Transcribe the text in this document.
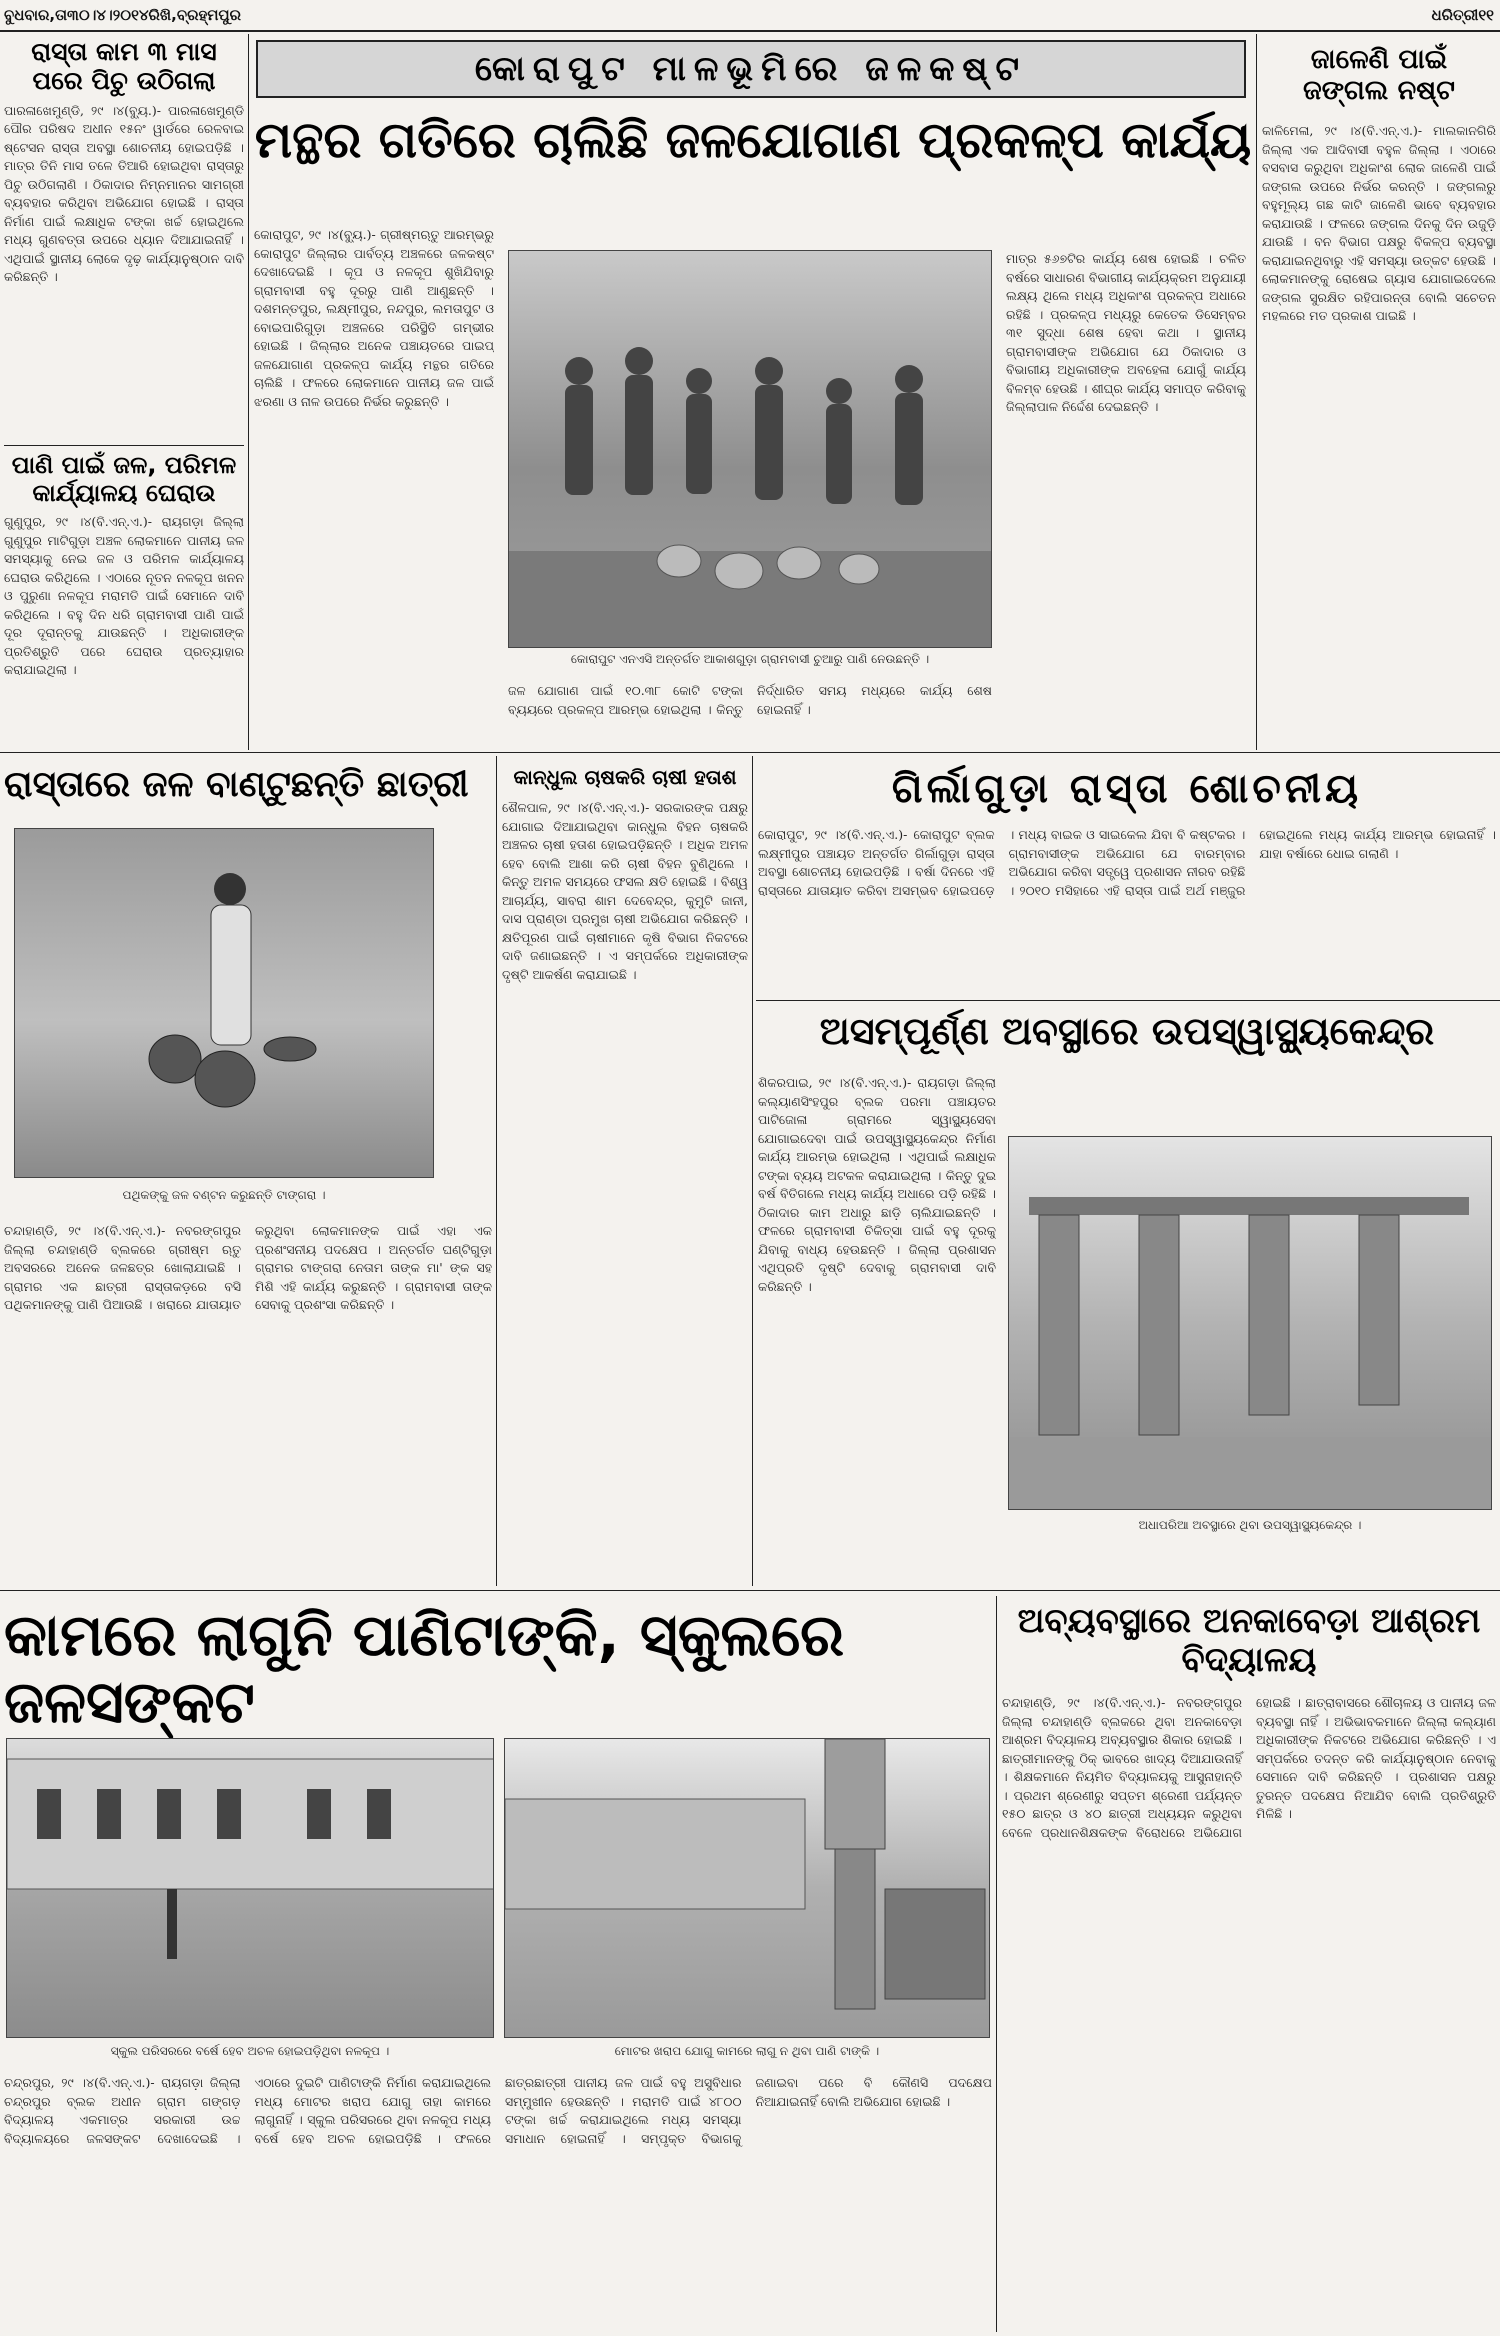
ବୁଧବାର,ତା୩୦।୪।୨୦୧୪ରିଖି,ବ୍ରହ୍ମପୁର	ଧରିତ୍ରୀ୧୧
ରାସ୍ତା କାମ ୩ ମାସ ପରେ ପିଚୁ ଉଠିଗଲା
ପାରଳାଖେମୁଣ୍ଡି, ୨୯ ।୪(ବ୍ୟୁ.)- ପାରଳାଖେମୁଣ୍ଡି ପୌର ପରିଷଦ ଅଧୀନ ୧୫ନଂ ୱାର୍ଡରେ ରେଳବାଇ ଷ୍ଟେସନ ରାସ୍ତା ଅବସ୍ଥା ଶୋଚନୀୟ ହୋଇପଡ଼ିଛି । ମାତ୍ର ତିନି ମାସ ତଳେ ତିଆରି ହୋଇଥିବା ରାସ୍ତାରୁ ପିଚୁ ଉଠିଗଲାଣି । ଠିକାଦାର ନିମ୍ନମାନର ସାମଗ୍ରୀ ବ୍ୟବହାର କରିଥିବା ଅଭିଯୋଗ ହୋଇଛି । ରାସ୍ତା ନିର୍ମାଣ ପାଇଁ ଲକ୍ଷାଧିକ ଟଙ୍କା ଖର୍ଚ୍ଚ ହୋଇଥିଲେ ମଧ୍ୟ ଗୁଣବତ୍ତା ଉପରେ ଧ୍ୟାନ ଦିଆଯାଇନାହିଁ । ଏଥିପାଇଁ ସ୍ଥାନୀୟ ଲୋକେ ଦୃଢ଼ କାର୍ଯ୍ୟାନୁଷ୍ଠାନ ଦାବି କରିଛନ୍ତି ।
ପାଣି ପାଇଁ ଜଳ, ପରିମଳ କାର୍ଯ୍ୟାଳୟ ଘେରାଉ
ଗୁଣୁପୁର, ୨୯ ।୪(ବି.ଏନ୍.ଏ.)- ରାୟଗଡ଼ା ଜିଲ୍ଲା ଗୁଣୁପୁର ମାଟିଗୁଡ଼ା ଅଞ୍ଚଳ ଲୋକମାନେ ପାନୀୟ ଜଳ ସମସ୍ୟାକୁ ନେଇ ଜଳ ଓ ପରିମଳ କାର୍ଯ୍ୟାଳୟ ଘେରାଉ କରିଥିଲେ । ଏଠାରେ ନୂତନ ନଳକୂପ ଖନନ ଓ ପୁରୁଣା ନଳକୂପ ମରାମତି ପାଇଁ ସେମାନେ ଦାବି କରିଥିଲେ । ବହୁ ଦିନ ଧରି ଗ୍ରାମବାସୀ ପାଣି ପାଇଁ ଦୂର ଦୂରାନ୍ତକୁ ଯାଉଛନ୍ତି । ଅଧିକାରୀଙ୍କ ପ୍ରତିଶ୍ରୁତି ପରେ ଘେରାଉ ପ୍ରତ୍ୟାହାର କରାଯାଇଥିଲା ।
କୋରାପୁଟ ମାଳଭୂମିରେ ଜଳକଷ୍ଟ
ମନ୍ଥର ଗତିରେ ଚାଲିଛି ଜଳଯୋଗାଣ ପ୍ରକଳ୍ପ କାର୍ଯ୍ୟ
କୋରାପୁଟ, ୨୯ ।୪(ବ୍ୟୁ.)- ଗ୍ରୀଷ୍ମଋତୁ ଆରମ୍ଭରୁ କୋରାପୁଟ ଜିଲ୍ଲାର ପାର୍ବତ୍ୟ ଅଞ୍ଚଳରେ ଜଳକଷ୍ଟ ଦେଖାଦେଇଛି । କୂପ ଓ ନଳକୂପ ଶୁଖିଯିବାରୁ ଗ୍ରାମବାସୀ ବହୁ ଦୂରରୁ ପାଣି ଆଣୁଛନ୍ତି । ଦଶମନ୍ତପୁର, ଲକ୍ଷ୍ମୀପୁର, ନନ୍ଦପୁର, ଲମତାପୁଟ ଓ ବୋଇପାରିଗୁଡ଼ା ଅଞ୍ଚଳରେ ପରିସ୍ଥିତି ଗମ୍ଭୀର ହୋଇଛି । ଜିଲ୍ଲାର ଅନେକ ପଞ୍ଚାୟତରେ ପାଇପ୍ ଜଳଯୋଗାଣ ପ୍ରକଳ୍ପ କାର୍ଯ୍ୟ ମନ୍ଥର ଗତିରେ ଚାଲିଛି । ଫଳରେ ଲୋକମାନେ ପାନୀୟ ଜଳ ପାଇଁ ଝରଣା ଓ ନାଳ ଉପରେ ନିର୍ଭର କରୁଛନ୍ତି ।
କୋରାପୁଟ ଏନଏସି ଅନ୍ତର୍ଗତ ଆକାଶଗୁଡ଼ା ଗ୍ରାମବାସୀ ଚୁଆରୁ ପାଣି ନେଉଛନ୍ତି ।
ଜଳ ଯୋଗାଣ ପାଇଁ ୧୦.୩୮ କୋଟି ଟଙ୍କା ବ୍ୟୟରେ ପ୍ରକଳ୍ପ ଆରମ୍ଭ ହୋଇଥିଲା । କିନ୍ତୁ ନିର୍ଦ୍ଧାରିତ ସମୟ ମଧ୍ୟରେ କାର୍ଯ୍ୟ ଶେଷ ହୋଇନାହିଁ ।
ମାତ୍ର ୫୬୭ଟିର କାର୍ଯ୍ୟ ଶେଷ ହୋଇଛି । ଚଳିତ ବର୍ଷରେ ସାଧାରଣ ବିଭାଗୀୟ କାର୍ଯ୍ୟକ୍ରମ ଅନୁଯାୟୀ ଲକ୍ଷ୍ୟ ଥିଲେ ମଧ୍ୟ ଅଧିକାଂଶ ପ୍ରକଳ୍ପ ଅଧାରେ ରହିଛି । ପ୍ରକଳ୍ପ ମଧ୍ୟରୁ କେତେକ ଡିସେମ୍ବର ୩୧ ସୁଦ୍ଧା ଶେଷ ହେବା କଥା । ସ୍ଥାନୀୟ ଗ୍ରାମବାସୀଙ୍କ ଅଭିଯୋଗ ଯେ ଠିକାଦାର ଓ ବିଭାଗୀୟ ଅଧିକାରୀଙ୍କ ଅବହେଳା ଯୋଗୁଁ କାର୍ଯ୍ୟ ବିଳମ୍ବ ହେଉଛି । ଶୀଘ୍ର କାର୍ଯ୍ୟ ସମାପ୍ତ କରିବାକୁ ଜିଲ୍ଲାପାଳ ନିର୍ଦ୍ଦେଶ ଦେଇଛନ୍ତି ।
ଜାଳେଣି ପାଇଁ ଜଙ୍ଗଲ ନଷ୍ଟ
କାଳିମେଳା, ୨୯ ।୪(ବି.ଏନ୍.ଏ.)- ମାଲକାନଗିରି ଜିଲ୍ଲା ଏକ ଆଦିବାସୀ ବହୁଳ ଜିଲ୍ଲା । ଏଠାରେ ବସବାସ କରୁଥିବା ଅଧିକାଂଶ ଲୋକ ଜାଳେଣି ପାଇଁ ଜଙ୍ଗଲ ଉପରେ ନିର୍ଭର କରନ୍ତି । ଜଙ୍ଗଲରୁ ବହୁମୂଲ୍ୟ ଗଛ କାଟି ଜାଳେଣି ଭାବେ ବ୍ୟବହାର କରାଯାଉଛି । ଫଳରେ ଜଙ୍ଗଲ ଦିନକୁ ଦିନ ଉଜୁଡ଼ି ଯାଉଛି । ବନ ବିଭାଗ ପକ୍ଷରୁ ବିକଳ୍ପ ବ୍ୟବସ୍ଥା କରାଯାଇନଥିବାରୁ ଏହି ସମସ୍ୟା ଉତ୍କଟ ହେଉଛି । ଲୋକମାନଙ୍କୁ ରୋଷେଇ ଗ୍ୟାସ ଯୋଗାଇଦେଲେ ଜଙ୍ଗଲ ସୁରକ୍ଷିତ ରହିପାରନ୍ତା ବୋଲି ସଚେତନ ମହଲରେ ମତ ପ୍ରକାଶ ପାଇଛି ।
ରାସ୍ତାରେ ଜଳ ବାଣ୍ଟୁଛନ୍ତି ଛାତ୍ରୀ
ପଥିକଙ୍କୁ ଜଳ ବଣ୍ଟନ କରୁଛନ୍ତି ଟାଙ୍ଗରା ।
ଚନ୍ଦାହାଣ୍ଡି, ୨୯ ।୪(ବି.ଏନ୍.ଏ.)- ନବରଙ୍ଗପୁର ଜିଲ୍ଲା ଚନ୍ଦାହାଣ୍ଡି ବ୍ଲକରେ ଗ୍ରୀଷ୍ମ ଋତୁ ଅବସରରେ ଅନେକ ଜଳଛତ୍ର ଖୋଲାଯାଇଛି । ଗ୍ରାମର ଏକ ଛାତ୍ରୀ ରାସ୍ତାକଡ଼ରେ ବସି ପଥିକମାନଙ୍କୁ ପାଣି ପିଆଉଛି । ଖରାରେ ଯାତାୟାତ କରୁଥିବା ଲୋକମାନଙ୍କ ପାଇଁ ଏହା ଏକ ପ୍ରଶଂସନୀୟ ପଦକ୍ଷେପ । ଅନ୍ତର୍ଗତ ଘଣ୍ଟିଗୁଡ଼ା ଗ୍ରାମର ଟାଙ୍ଗରା ନେତାମ ତାଙ୍କ ମା' ଙ୍କ ସହ ମିଶି ଏହି କାର୍ଯ୍ୟ କରୁଛନ୍ତି । ଗ୍ରାମବାସୀ ତାଙ୍କ ସେବାକୁ ପ୍ରଶଂସା କରିଛନ୍ତି ।
କାନ୍ଧୁଲ ଚାଷକରି ଚାଷୀ ହତାଶ
ଶୈଳପାଳ, ୨୯ ।୪(ବି.ଏନ୍.ଏ.)- ସରକାରଙ୍କ ପକ୍ଷରୁ ଯୋଗାଇ ଦିଆଯାଇଥିବା କାନ୍ଧୁଲ ବିହନ ଚାଷକରି ଅଞ୍ଚଳର ଚାଷୀ ହତାଶ ହୋଇପଡ଼ିଛନ୍ତି । ଅଧିକ ଅମଳ ହେବ ବୋଲି ଆଶା କରି ଚାଷୀ ବିହନ ବୁଣିଥିଲେ । କିନ୍ତୁ ଅମଳ ସମୟରେ ଫସଲ କ୍ଷତି ହୋଇଛି । ବିଶ୍ୱ ଆଚାର୍ଯ୍ୟ, ସାବରା ଶାମ ଦେବେନ୍ଦ୍ର, କୁମୁଟି ଜାନୀ, ଦାସ ପ୍ରାଣ୍ଡା ପ୍ରମୁଖ ଚାଷୀ ଅଭିଯୋଗ କରିଛନ୍ତି । କ୍ଷତିପୂରଣ ପାଇଁ ଚାଷୀମାନେ କୃଷି ବିଭାଗ ନିକଟରେ ଦାବି ଜଣାଇଛନ୍ତି । ଏ ସମ୍ପର୍କରେ ଅଧିକାରୀଙ୍କ ଦୃଷ୍ଟି ଆକର୍ଷଣ କରାଯାଇଛି ।
ଗିର୍ଲାଗୁଡ଼ା ରାସ୍ତା ଶୋଚନୀୟ
କୋରାପୁଟ, ୨୯ ।୪(ବି.ଏନ୍.ଏ.)- କୋରାପୁଟ ବ୍ଲକ ଲକ୍ଷ୍ମୀପୁର ପଞ୍ଚାୟତ ଅନ୍ତର୍ଗତ ଗିର୍ଲାଗୁଡ଼ା ରାସ୍ତା ଅବସ୍ଥା ଶୋଚନୀୟ ହୋଇପଡ଼ିଛି । ବର୍ଷା ଦିନରେ ଏହି ରାସ୍ତାରେ ଯାତାୟାତ କରିବା ଅସମ୍ଭବ ହୋଇପଡ଼େ । ମଧ୍ୟ ବାଇକ ଓ ସାଇକେଲ ଯିବା ବି କଷ୍ଟକର । ଗ୍ରାମବାସୀଙ୍କ ଅଭିଯୋଗ ଯେ ବାରମ୍ବାର ଅଭିଯୋଗ କରିବା ସତ୍ତ୍ୱେ ପ୍ରଶାସନ ନୀରବ ରହିଛି । ୨୦୧୦ ମସିହାରେ ଏହି ରାସ୍ତା ପାଇଁ ଅର୍ଥ ମଞ୍ଜୁର ହୋଇଥିଲେ ମଧ୍ୟ କାର୍ଯ୍ୟ ଆରମ୍ଭ ହୋଇନାହିଁ । ଯାହା ବର୍ଷାରେ ଧୋଇ ଗଲାଣି ।
ଅସମ୍ପୂର୍ଣ୍ଣ ଅବସ୍ଥାରେ ଉପସ୍ୱାସ୍ଥ୍ୟକେନ୍ଦ୍ର
ଶିକରପାଇ, ୨୯ ।୪(ବି.ଏନ୍.ଏ.)- ରାୟଗଡ଼ା ଜିଲ୍ଲା କଲ୍ୟାଣସିଂହପୁର ବ୍ଲକ ପରମା ପଞ୍ଚାୟତର ପାଟିଜୋଳା ଗ୍ରାମରେ ସ୍ୱାସ୍ଥ୍ୟସେବା ଯୋଗାଇଦେବା ପାଇଁ ଉପସ୍ୱାସ୍ଥ୍ୟକେନ୍ଦ୍ର ନିର୍ମାଣ କାର୍ଯ୍ୟ ଆରମ୍ଭ ହୋଇଥିଲା । ଏଥିପାଇଁ ଲକ୍ଷାଧିକ ଟଙ୍କା ବ୍ୟୟ ଅଟକଳ କରାଯାଇଥିଲା । କିନ୍ତୁ ଦୁଇ ବର୍ଷ ବିତିଗଲେ ମଧ୍ୟ କାର୍ଯ୍ୟ ଅଧାରେ ପଡ଼ି ରହିଛି । ଠିକାଦାର କାମ ଅଧାରୁ ଛାଡ଼ି ଚାଲିଯାଇଛନ୍ତି । ଫଳରେ ଗ୍ରାମବାସୀ ଚିକିତ୍ସା ପାଇଁ ବହୁ ଦୂରକୁ ଯିବାକୁ ବାଧ୍ୟ ହେଉଛନ୍ତି । ଜିଲ୍ଲା ପ୍ରଶାସନ ଏଥିପ୍ରତି ଦୃଷ୍ଟି ଦେବାକୁ ଗ୍ରାମବାସୀ ଦାବି କରିଛନ୍ତି ।
ଅଧାପରିଆ ଅବସ୍ଥାରେ ଥିବା ଉପସ୍ୱାସ୍ଥ୍ୟକେନ୍ଦ୍ର ।
କାମରେ ଲାଗୁନି ପାଣିଟାଙ୍କି, ସ୍କୁଲରେ ଜଳସଙ୍କଟ
ସ୍କୁଲ ପରିସରରେ ବର୍ଷେ ହେବ ଅଚଳ ହୋଇପଡ଼ିଥିବା ନଳକୂପ ।	ମୋଟର ଖରାପ ଯୋଗୁ କାମରେ ଲାଗୁ ନ ଥିବା ପାଣି ଟାଙ୍କି ।
ଚନ୍ଦ୍ରପୁର, ୨୯ ।୪(ବି.ଏନ୍.ଏ.)- ରାୟଗଡ଼ା ଜିଲ୍ଲା ଚନ୍ଦ୍ରପୁର ବ୍ଲକ ଅଧୀନ ଗ୍ରାମ ଗଙ୍ଗଡ଼ ବିଦ୍ୟାଳୟ ଏକମାତ୍ର ସରକାରୀ ଉଚ୍ଚ ବିଦ୍ୟାଳୟରେ ଜଳସଙ୍କଟ ଦେଖାଦେଇଛି । ଏଠାରେ ଦୁଇଟି ପାଣିଟାଙ୍କି ନିର୍ମାଣ କରାଯାଇଥିଲେ ମଧ୍ୟ ମୋଟର ଖରାପ ଯୋଗୁ ତାହା କାମରେ ଲାଗୁନାହିଁ । ସ୍କୁଲ ପରିସରରେ ଥିବା ନଳକୂପ ମଧ୍ୟ ବର୍ଷେ ହେବ ଅଚଳ ହୋଇପଡ଼ିଛି । ଫଳରେ ଛାତ୍ରଛାତ୍ରୀ ପାନୀୟ ଜଳ ପାଇଁ ବହୁ ଅସୁବିଧାର ସମ୍ମୁଖୀନ ହେଉଛନ୍ତି । ମରାମତି ପାଇଁ ୪୮୦୦ ଟଙ୍କା ଖର୍ଚ୍ଚ କରାଯାଇଥିଲେ ମଧ୍ୟ ସମସ୍ୟା ସମାଧାନ ହୋଇନାହିଁ । ସମ୍ପୃକ୍ତ ବିଭାଗକୁ ଜଣାଇବା ପରେ ବି କୌଣସି ପଦକ୍ଷେପ ନିଆଯାଇନାହିଁ ବୋଲି ଅଭିଯୋଗ ହୋଇଛି ।
ଅବ୍ୟବସ୍ଥାରେ ଅନକାବେଡ଼ା ଆଶ୍ରମ ବିଦ୍ୟାଳୟ
ଚନ୍ଦାହାଣ୍ଡି, ୨୯ ।୪(ବି.ଏନ୍.ଏ.)- ନବରଙ୍ଗପୁର ଜିଲ୍ଲା ଚନ୍ଦାହାଣ୍ଡି ବ୍ଲକରେ ଥିବା ଅନକାବେଡ଼ା ଆଶ୍ରମ ବିଦ୍ୟାଳୟ ଅବ୍ୟବସ୍ଥାର ଶିକାର ହୋଇଛି । ଛାତ୍ରୀମାନଙ୍କୁ ଠିକ୍ ଭାବରେ ଖାଦ୍ୟ ଦିଆଯାଉନାହିଁ । ଶିକ୍ଷକମାନେ ନିୟମିତ ବିଦ୍ୟାଳୟକୁ ଆସୁନାହାନ୍ତି । ପ୍ରଥମ ଶ୍ରେଣୀରୁ ସପ୍ତମ ଶ୍ରେଣୀ ପର୍ଯ୍ୟନ୍ତ ୧୫୦ ଛାତ୍ର ଓ ୪୦ ଛାତ୍ରୀ ଅଧ୍ୟୟନ କରୁଥିବା ବେଳେ ପ୍ରଧାନଶିକ୍ଷକଙ୍କ ବିରୋଧରେ ଅଭିଯୋଗ ହୋଇଛି । ଛାତ୍ରାବାସରେ ଶୌଚାଳୟ ଓ ପାନୀୟ ଜଳ ବ୍ୟବସ୍ଥା ନାହିଁ । ଅଭିଭାବକମାନେ ଜିଲ୍ଲା କଲ୍ୟାଣ ଅଧିକାରୀଙ୍କ ନିକଟରେ ଅଭିଯୋଗ କରିଛନ୍ତି । ଏ ସମ୍ପର୍କରେ ତଦନ୍ତ କରି କାର୍ଯ୍ୟାନୁଷ୍ଠାନ ନେବାକୁ ସେମାନେ ଦାବି କରିଛନ୍ତି । ପ୍ରଶାସନ ପକ୍ଷରୁ ତୁରନ୍ତ ପଦକ୍ଷେପ ନିଆଯିବ ବୋଲି ପ୍ରତିଶ୍ରୁତି ମିଳିଛି ।
